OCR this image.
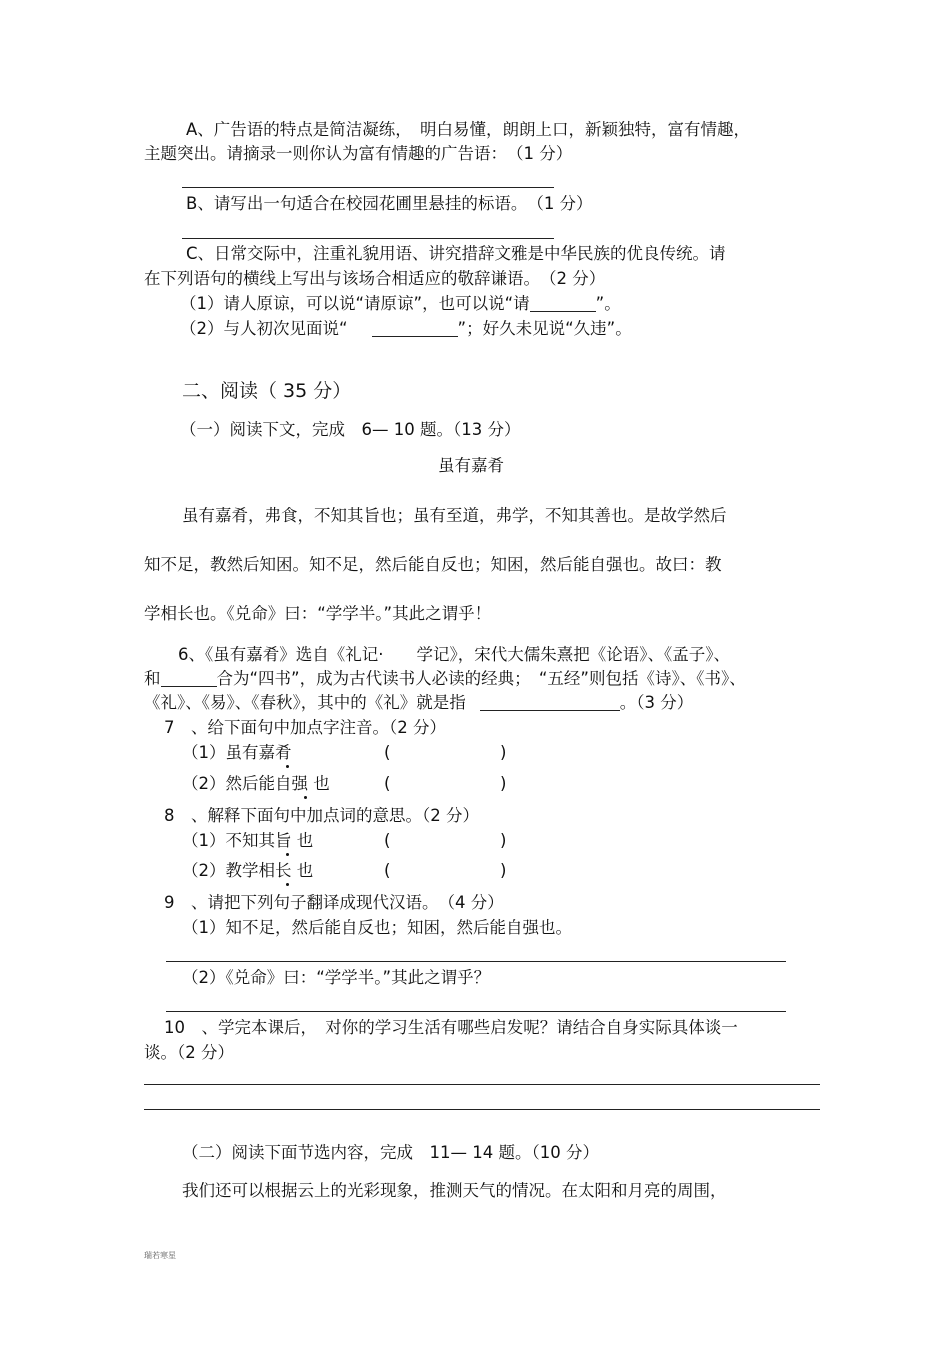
A、广告语的特点是简洁凝练，　明白易懂，朗朗上口，新颖独特，富有情趣，
主题突出。请摘录一则你认为富有情趣的广告语：　（1 分）
B、请写出一句适合在校园花圃里悬挂的标语。　（1 分）
C、日常交际中，注重礼貌用语、讲究措辞文雅是中华民族的优良传统。请
在下列语句的横线上写出与该场合相适应的敬辞谦语。　（2 分）
（1）请人原谅，可以说“请原谅”，也可以说“请	”。
（2）与人初次见面说“	”；好久未见说“久违”。
二、阅读（ 35 分）
（一）阅读下文，完成　6— 10 题。（13 分）
虽有嘉肴
虽有嘉肴，弗食，不知其旨也；虽有至道，弗学，不知其善也。是故学然后
知不足，教然后知困。知不足，然后能自反也；知困，然后能自强也。故曰：教
学相长也。《兑命》曰：“学学半。”其此之谓乎！
6、《虽有嘉肴》选自《礼记·　　学记》，宋代大儒朱熹把《论语》、《孟子》、
和	合为“四书”，成为古代读书人必读的经典；　“五经”则包括《诗》、《书》、
《礼》、《易》、《春秋》，其中的《礼》就是指	。（3 分）
7　、给下面句中加点字注音。（2 分）
（1）虽有嘉肴	(	)
（2）然后能自强 也	(	)
8　、解释下面句中加点词的意思。（2 分）
（1）不知其旨 也	(	)
（2）教学相长 也	(	)
9　、请把下列句子翻译成现代汉语。　（4 分）
（1）知不足，然后能自反也；知困，然后能自强也。
（2）《兑命》曰：“学学半。”其此之谓乎？
10　、学完本课后，　对你的学习生活有哪些启发呢？请结合自身实际具体谈一
谈。（2 分）
（二）阅读下面节选内容，完成　11— 14 题。（10 分）
我们还可以根据云上的光彩现象，推测天气的情况。在太阳和月亮的周围，
瑞若寒星
